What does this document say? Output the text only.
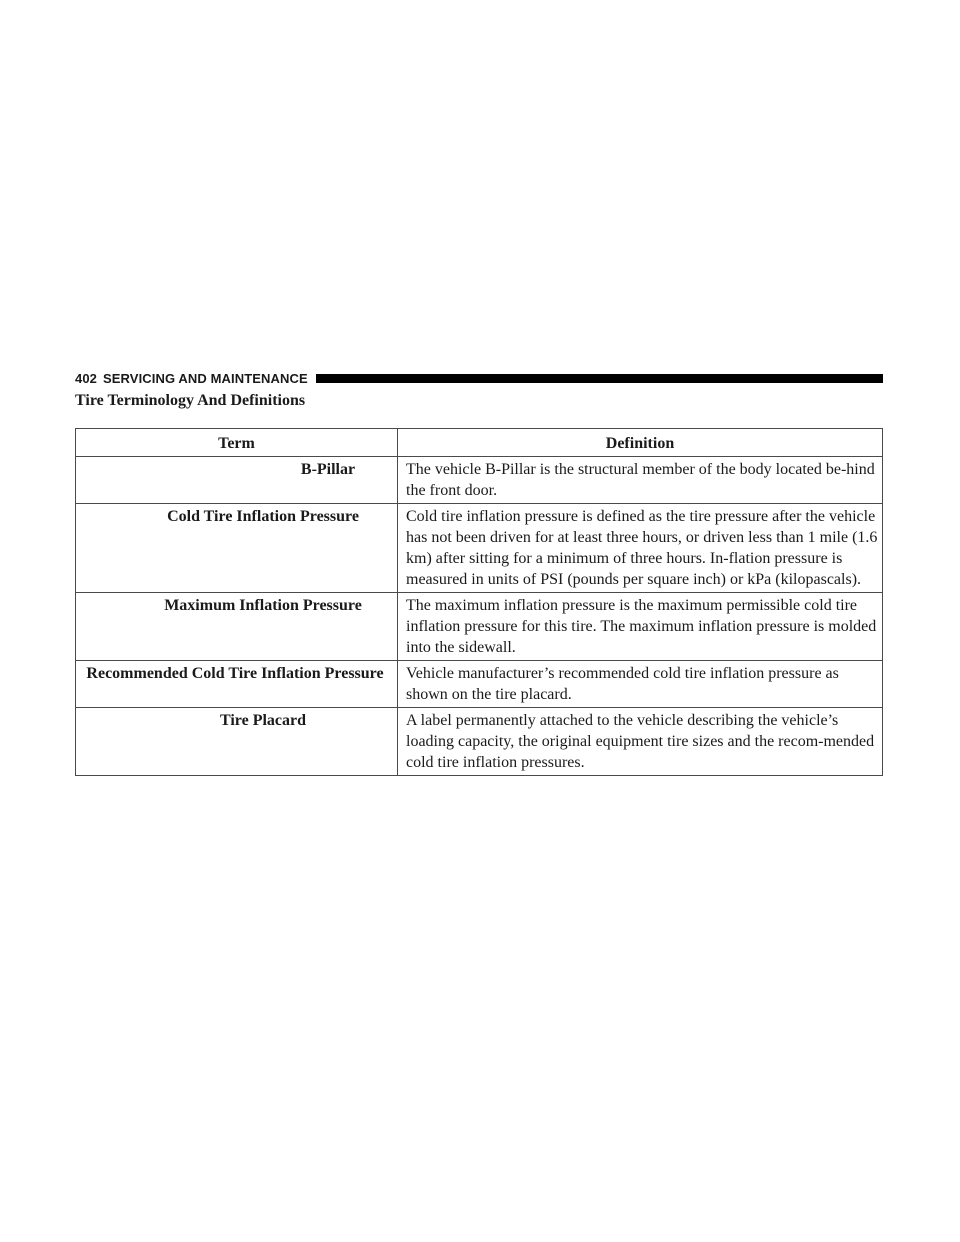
402 SERVICING AND MAINTENANCE
Tire Terminology And Definitions
Term	Definition
B-Pillar	The vehicle B-Pillar is the structural member of the body located be-hind the front door.

Cold Tire Inflation Pressure	Cold tire inflation pressure is defined as the tire pressure after the vehicle has not been driven for at least three hours, or driven less than 1 mile (1.6 km) after sitting for a minimum of three hours. In-flation pressure is measured in units of PSI (pounds per square inch) or kPa (kilopascals).

Maximum Inflation Pressure	The maximum inflation pressure is the maximum permissible cold tire inflation pressure for this tire. The maximum inflation pressure is molded into the sidewall.

Recommended Cold Tire Inflation Pressure	Vehicle manufacturer’s recommended cold tire inflation pressure as shown on the tire placard.

Tire Placard	A label permanently attached to the vehicle describing the vehicle’s loading capacity, the original equipment tire sizes and the recom-mended cold tire inflation pressures.
